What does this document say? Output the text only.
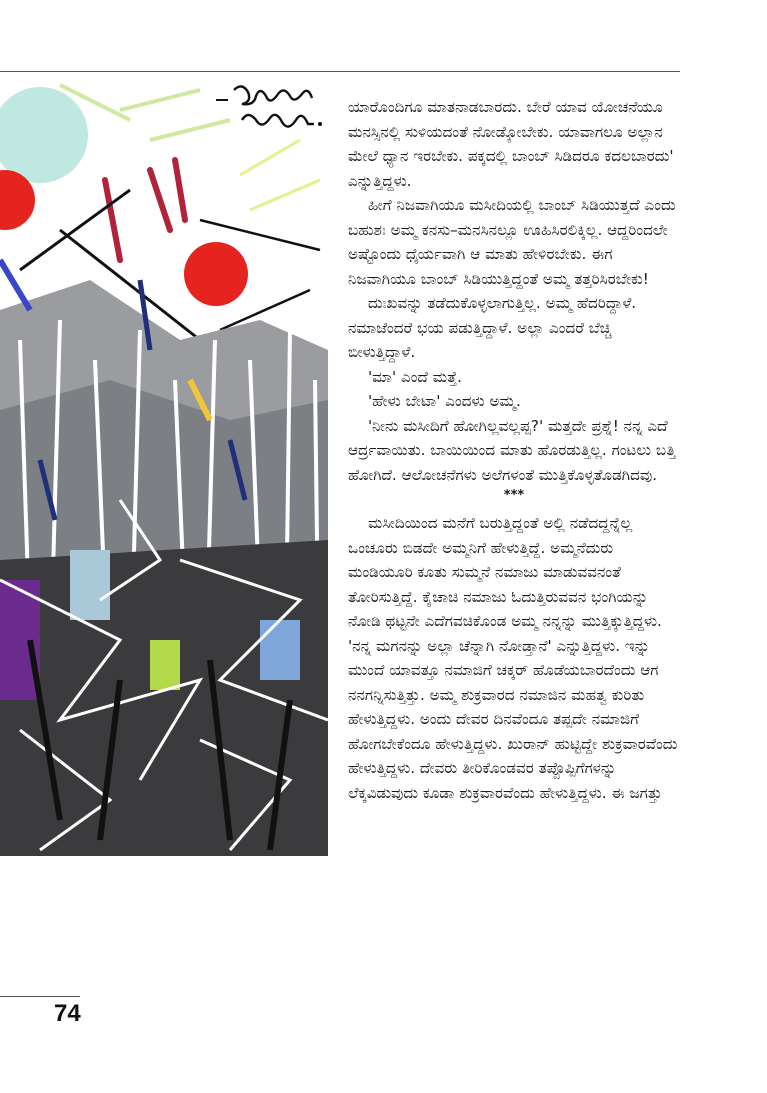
ಯಾರೊಂದಿಗೂ ಮಾತನಾಡಬಾರದು. ಬೇರೆ ಯಾವ ಯೋಚನೆಯೂ ಮನಸ್ಸಿನಲ್ಲಿ ಸುಳಿಯದಂತೆ ನೋಡ್ಕೋಬೇಕು. ಯಾವಾಗಲೂ ಅಲ್ಲಾನ ಮೇಲೆ ಧ್ಯಾನ ಇರಬೇಕು. ಪಕ್ಕದಲ್ಲಿ ಬಾಂಬ್ ಸಿಡಿದರೂ ಕದಲಬಾರದು' ಎನ್ನುತ್ತಿದ್ದಳು.

ಹೀಗೆ ನಿಜವಾಗಿಯೂ ಮಸೀದಿಯಲ್ಲಿ ಬಾಂಬ್ ಸಿಡಿಯುತ್ತದೆ ಎಂದು ಬಹುಶಃ ಅಮ್ಮ ಕನಸು–ಮನಸಿನಲ್ಲೂ ಊಹಿಸಿರಲಿಕ್ಕಿಲ್ಲ. ಆದ್ದರಿಂದಲೇ ಅಷ್ಟೊಂದು ಧೈರ್ಯವಾಗಿ ಆ ಮಾತು ಹೇಳಿರಬೇಕು. ಈಗ ನಿಜವಾಗಿಯೂ ಬಾಂಬ್ ಸಿಡಿಯುತ್ತಿದ್ದಂತೆ ಅಮ್ಮ ತತ್ತರಿಸಿರಬೇಕು!

ದುಃಖವನ್ನು ತಡೆದುಕೊಳ್ಳಲಾಗುತ್ತಿಲ್ಲ. ಅಮ್ಮ ಹೆದರಿದ್ದಾಳೆ. ನಮಾಜೆಂದರೆ ಭಯ ಪಡುತ್ತಿದ್ದಾಳೆ. ಅಲ್ಲಾ ಎಂದರೆ ಬೆಚ್ಚಿ ಬೀಳುತ್ತಿದ್ದಾಳೆ.

'ಮಾ' ಎಂದೆ ಮತ್ತೆ.

'ಹೇಳು ಬೇಟಾ' ಎಂದಳು ಅಮ್ಮ.

'ನೀನು ಮಸೀದಿಗೆ ಹೋಗಿಲ್ಲವಲ್ಲಪ್ಪ?' ಮತ್ತದೇ ಪ್ರಶ್ನೆ! ನನ್ನ ಎದೆ ಆರ್ದ್ರವಾಯಿತು. ಬಾಯಿಯಿಂದ ಮಾತು ಹೊರಡುತ್ತಿಲ್ಲ. ಗಂಟಲು ಬತ್ತಿ ಹೋಗಿದೆ. ಆಲೋಚನೆಗಳು ಅಲೆಗಳಂತೆ ಮುತ್ತಿಕೊಳ್ಳತೊಡಗಿದವು.

***

ಮಸೀದಿಯಿಂದ ಮನೆಗೆ ಬರುತ್ತಿದ್ದಂತೆ ಅಲ್ಲಿ ನಡೆದದ್ದನ್ನೆಲ್ಲ ಒಂಚೂರು ಬಿಡದೇ ಅಮ್ಮನಿಗೆ ಹೇಳುತ್ತಿದ್ದೆ. ಅಮ್ಮನೆದುರು ಮಂಡಿಯೂರಿ ಕೂತು ಸುಮ್ಮನೆ ನಮಾಜು ಮಾಡುವವನಂತೆ ತೋರಿಸುತ್ತಿದ್ದೆ. ಕೈಚಾಚಿ ನಮಾಜು ಓದುತ್ತಿರುವವನ ಭಂಗಿಯನ್ನು ನೋಡಿ ಥಟ್ಟನೇ ಎದೆಗವಚಿಕೊಂಡ ಅಮ್ಮ ನನ್ನನ್ನು ಮುತ್ತಿಕ್ಕುತ್ತಿದ್ದಳು. 'ನನ್ನ ಮಗನನ್ನು ಅಲ್ಲಾ ಚೆನ್ನಾಗಿ ನೋಡ್ತಾನೆ' ಎನ್ನುತ್ತಿದ್ದಳು. ಇನ್ನು ಮುಂದೆ ಯಾವತ್ತೂ ನಮಾಜಿಗೆ ಚಕ್ಕರ್ ಹೊಡೆಯಬಾರದೆಂದು ಆಗ ನನಗನ್ನಿಸುತ್ತಿತ್ತು. ಅಮ್ಮ ಶುಕ್ರವಾರದ ನಮಾಜಿನ ಮಹತ್ವ ಕುರಿತು ಹೇಳುತ್ತಿದ್ದಳು. ಅಂದು ದೇವರ ದಿನವೆಂದೂ ತಪ್ಪದೇ ನಮಾಜಿಗೆ ಹೋಗಬೇಕೆಂದೂ ಹೇಳುತ್ತಿದ್ದಳು. ಖುರಾನ್ ಹುಟ್ಟಿದ್ದೇ ಶುಕ್ರವಾರವೆಂದು ಹೇಳುತ್ತಿದ್ದಳು. ದೇವರು ತೀರಿಕೊಂಡವರ ತಪ್ಪೊಪ್ಪಿಗೆಗಳನ್ನು ಲೆಕ್ಕವಿಡುವುದು ಕೂಡಾ ಶುಕ್ರವಾರವೆಂದು ಹೇಳುತ್ತಿದ್ದಳು. ಈ ಜಗತ್ತು

74
